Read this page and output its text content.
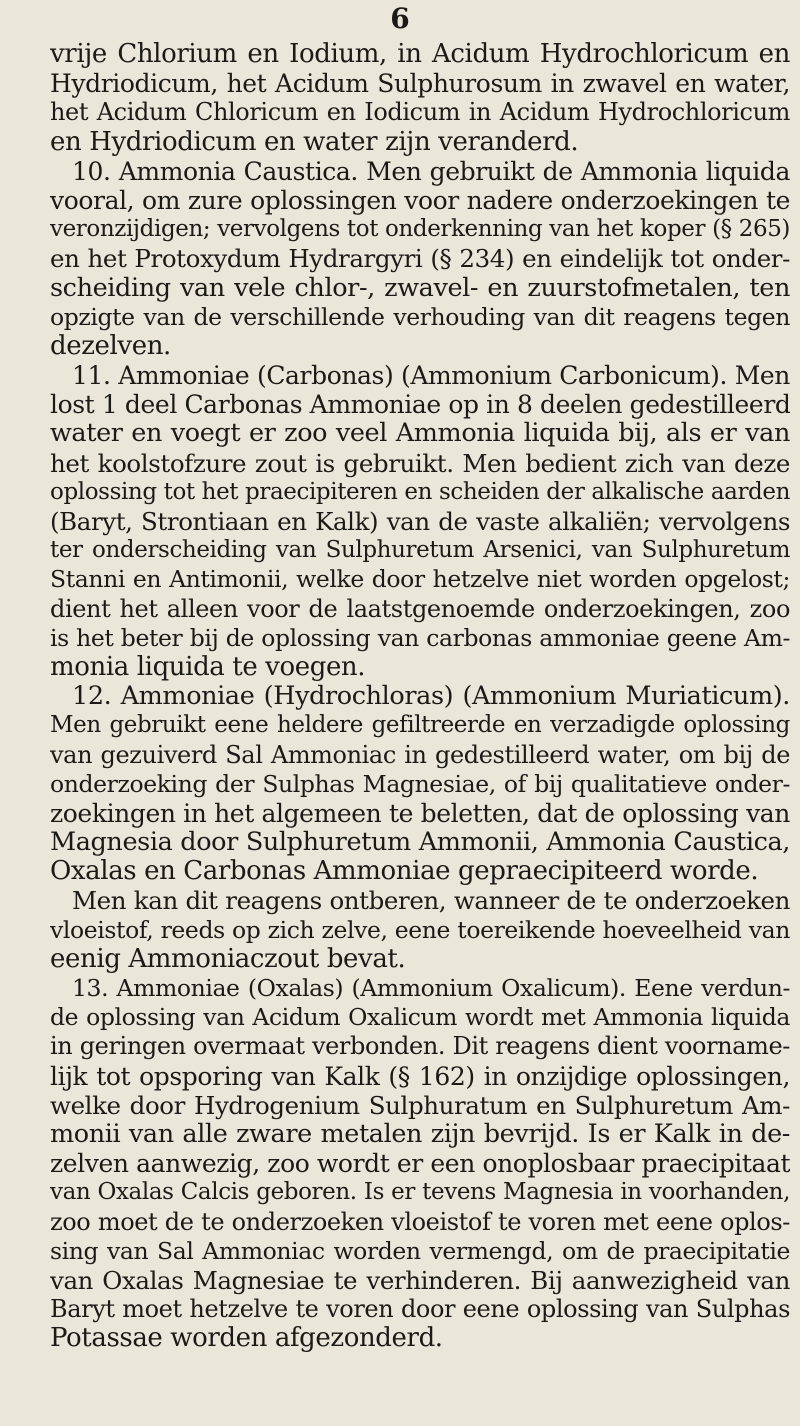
6
vrije Chlorium en Iodium, in Acidum Hydrochloricum en
Hydriodicum, het Acidum Sulphurosum in zwavel en water,
het Acidum Chloricum en Iodicum in Acidum Hydrochloricum
en Hydriodicum en water zijn veranderd.
10. Ammonia Caustica. Men gebruikt de Ammonia liquida
vooral, om zure oplossingen voor nadere onderzoekingen te
veronzijdigen; vervolgens tot onderkenning van het koper (§ 265)
en het Protoxydum Hydrargyri (§ 234) en eindelijk tot onder-
scheiding van vele chlor-, zwavel- en zuurstofmetalen, ten
opzigte van de verschillende verhouding van dit reagens tegen
dezelven.
11. Ammoniae (Carbonas) (Ammonium Carbonicum). Men
lost 1 deel Carbonas Ammoniae op in 8 deelen gedestilleerd
water en voegt er zoo veel Ammonia liquida bij, als er van
het koolstofzure zout is gebruikt. Men bedient zich van deze
oplossing tot het praecipiteren en scheiden der alkalische aarden
(Baryt, Strontiaan en Kalk) van de vaste alkaliën; vervolgens
ter onderscheiding van Sulphuretum Arsenici, van Sulphuretum
Stanni en Antimonii, welke door hetzelve niet worden opgelost;
dient het alleen voor de laatstgenoemde onderzoekingen, zoo
is het beter bij de oplossing van carbonas ammoniae geene Am-
monia liquida te voegen.
12. Ammoniae (Hydrochloras) (Ammonium Muriaticum).
Men gebruikt eene heldere gefiltreerde en verzadigde oplossing
van gezuiverd Sal Ammoniac in gedestilleerd water, om bij de
onderzoeking der Sulphas Magnesiae, of bij qualitatieve onder-
zoekingen in het algemeen te beletten, dat de oplossing van
Magnesia door Sulphuretum Ammonii, Ammonia Caustica,
Oxalas en Carbonas Ammoniae gepraecipiteerd worde.
Men kan dit reagens ontberen, wanneer de te onderzoeken
vloeistof, reeds op zich zelve, eene toereikende hoeveelheid van
eenig Ammoniaczout bevat.
13. Ammoniae (Oxalas) (Ammonium Oxalicum). Eene verdun-
de oplossing van Acidum Oxalicum wordt met Ammonia liquida
in geringen overmaat verbonden. Dit reagens dient voorname-
lijk tot opsporing van Kalk (§ 162) in onzijdige oplossingen,
welke door Hydrogenium Sulphuratum en Sulphuretum Am-
monii van alle zware metalen zijn bevrijd. Is er Kalk in de-
zelven aanwezig, zoo wordt er een onoplosbaar praecipitaat
van Oxalas Calcis geboren. Is er tevens Magnesia in voorhanden,
zoo moet de te onderzoeken vloeistof te voren met eene oplos-
sing van Sal Ammoniac worden vermengd, om de praecipitatie
van Oxalas Magnesiae te verhinderen. Bij aanwezigheid van
Baryt moet hetzelve te voren door eene oplossing van Sulphas
Potassae worden afgezonderd.
